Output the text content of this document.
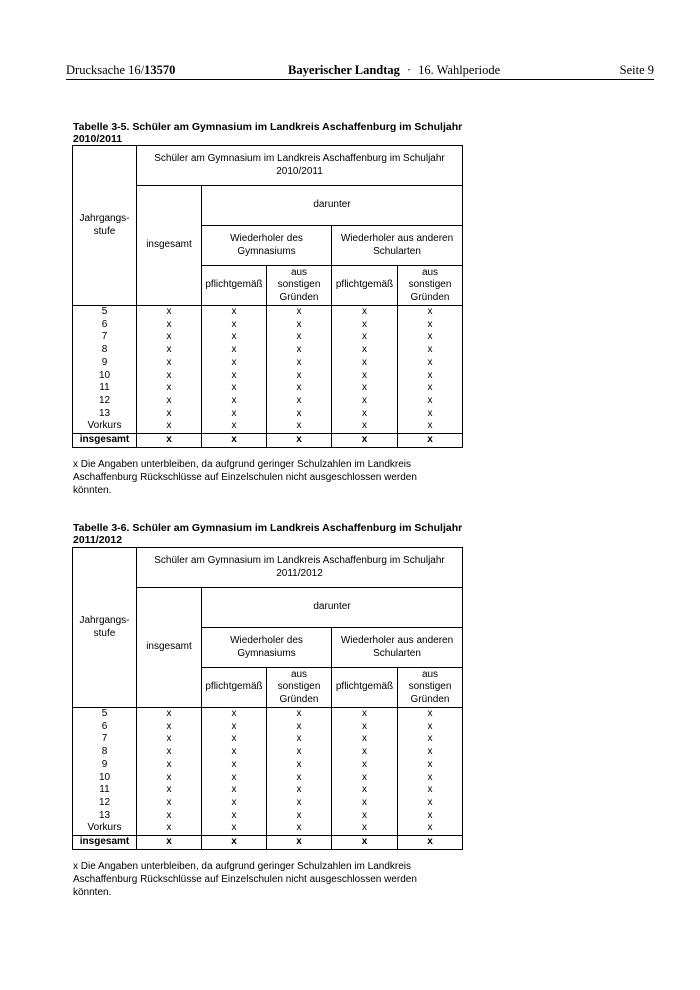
Drucksache 16/13570	Bayerischer Landtag · 16. Wahlperiode	Seite 9
Tabelle 3-5. Schüler am Gymnasium im Landkreis Aschaffenburg im Schuljahr
2010/2011
Jahrgangs-stufe	Schüler am Gymnasium im Landkreis Aschaffenburg im Schuljahr 2010/2011				
	insgesamt	darunter			
		Wiederholer des Gymnasiums		Wiederholer aus anderen Schularten	
		pflichtgemäß	aus sonstigen Gründen	pflichtgemäß	aus sonstigen Gründen
5	x	x	x	x	x
6	x	x	x	x	x
7	x	x	x	x	x
8	x	x	x	x	x
9	x	x	x	x	x
10	x	x	x	x	x
11	x	x	x	x	x
12	x	x	x	x	x
13	x	x	x	x	x
Vorkurs	x	x	x	x	x
insgesamt	x	x	x	x	x
x Die Angaben unterbleiben, da aufgrund geringer Schulzahlen im Landkreis Aschaffenburg Rückschlüsse auf Einzelschulen nicht ausgeschlossen werden könnten.
Tabelle 3-6. Schüler am Gymnasium im Landkreis Aschaffenburg im Schuljahr
2011/2012
Jahrgangs-stufe	Schüler am Gymnasium im Landkreis Aschaffenburg im Schuljahr 2011/2012				
	insgesamt	darunter			
		Wiederholer des Gymnasiums		Wiederholer aus anderen Schularten	
		pflichtgemäß	aus sonstigen Gründen	pflichtgemäß	aus sonstigen Gründen
5	x	x	x	x	x
6	x	x	x	x	x
7	x	x	x	x	x
8	x	x	x	x	x
9	x	x	x	x	x
10	x	x	x	x	x
11	x	x	x	x	x
12	x	x	x	x	x
13	x	x	x	x	x
Vorkurs	x	x	x	x	x
insgesamt	x	x	x	x	x
x Die Angaben unterbleiben, da aufgrund geringer Schulzahlen im Landkreis Aschaffenburg Rückschlüsse auf Einzelschulen nicht ausgeschlossen werden könnten.
